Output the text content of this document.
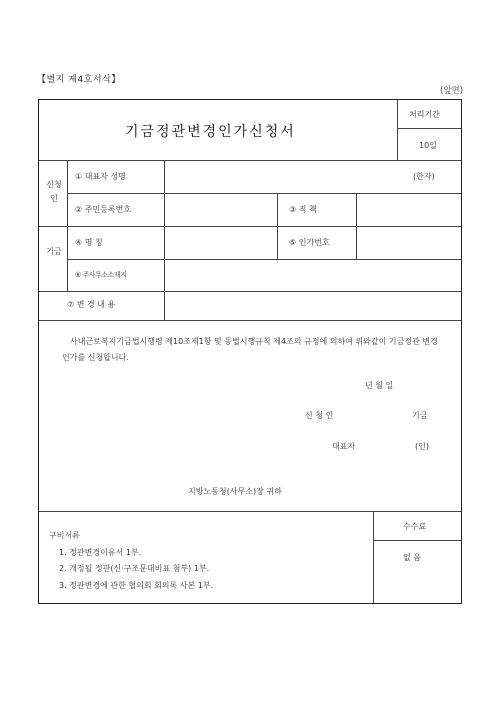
【별지 제4호서식】
(앞면)
기금정관변경인가신청서
처리기간
10일
신청인
① 대표자 성명	(한자)
② 주민등록번호	③ 직 책
기금
④ 명 칭	⑤ 인가번호
⑥ 주사무소소재지
⑦ 변 경 내 용
수수료
없 음
구비서류
1. 정관변경이유서 1부.
2. 개정될 정관(신·구조문대비표 첨부) 1부.
3. 정관변경에 관한 협의회 회의록 사본 1부.
사내근로복지기금법시행령 제10조제1항 및 동법시행규칙 제4조의 규정에 의하여 위와같이 기금정관 변경인가를 신청합니다.
년 월 일
신 청 인	기금
대표자	(인)
지방노동청(사무소)장 귀하
